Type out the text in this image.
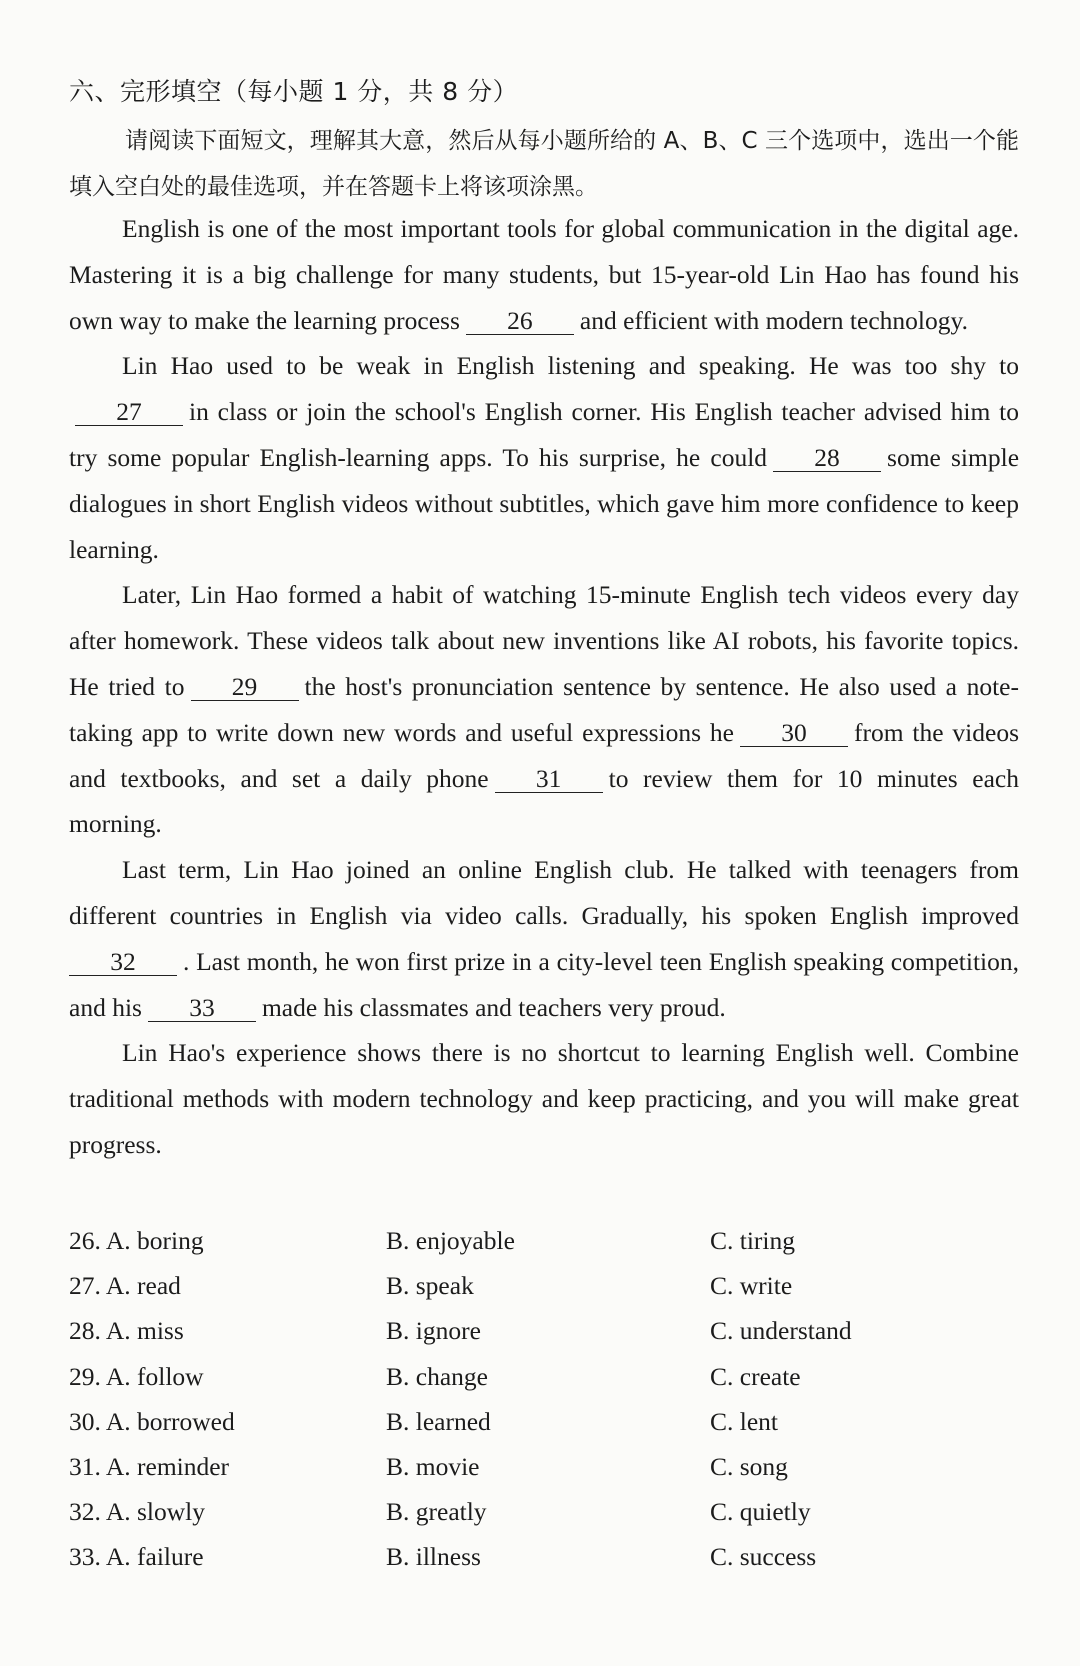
六、完形填空（每小题 1 分，共 8 分）
请阅读下面短文，理解其大意，然后从每小题所给的 A、B、C 三个选项中，选出一个能填入空白处的最佳选项，并在答题卡上将该项涂黑。

English is one of the most important tools for global communication in the digital age. Mastering it is a big challenge for many students, but 15-year-old Lin Hao has found his own way to make the learning process 26 and efficient with modern technology.

Lin Hao used to be weak in English listening and speaking. He was too shy to27 in class or join the school's English corner. His English teacher advised him to try some popular English-learning apps. To his surprise, he could 28 some simple dialogues in short English videos without subtitles, which gave him more confidence to keep learning.

Later, Lin Hao formed a habit of watching 15-minute English tech videos every day after homework. These videos talk about new inventions like AI robots, his favorite topics. He tried to 29 the host's pronunciation sentence by sentence. He also used a note-taking app to write down new words and useful expressions he 30 from the videos and textbooks, and set a daily phone 31 to review them for 10 minutes each morning.

Last term, Lin Hao joined an online English club. He talked with teenagers from different countries in English via video calls. Gradually, his spoken English improved32 . Last month, he won first prize in a city-level teen English speaking competition, and his 33 made his classmates and teachers very proud.

Lin Hao's experience shows there is no shortcut to learning English well. Combine traditional methods with modern technology and keep practicing, and you will make great progress.

26. A. boring	B. enjoyable	C. tiring
27. A. read	B. speak	C. write
28. A. miss	B. ignore	C. understand
29. A. follow	B. change	C. create
30. A. borrowed	B. learned	C. lent
31. A. reminder	B. movie	C. song
32. A. slowly	B. greatly	C. quietly
33. A. failure	B. illness	C. success
